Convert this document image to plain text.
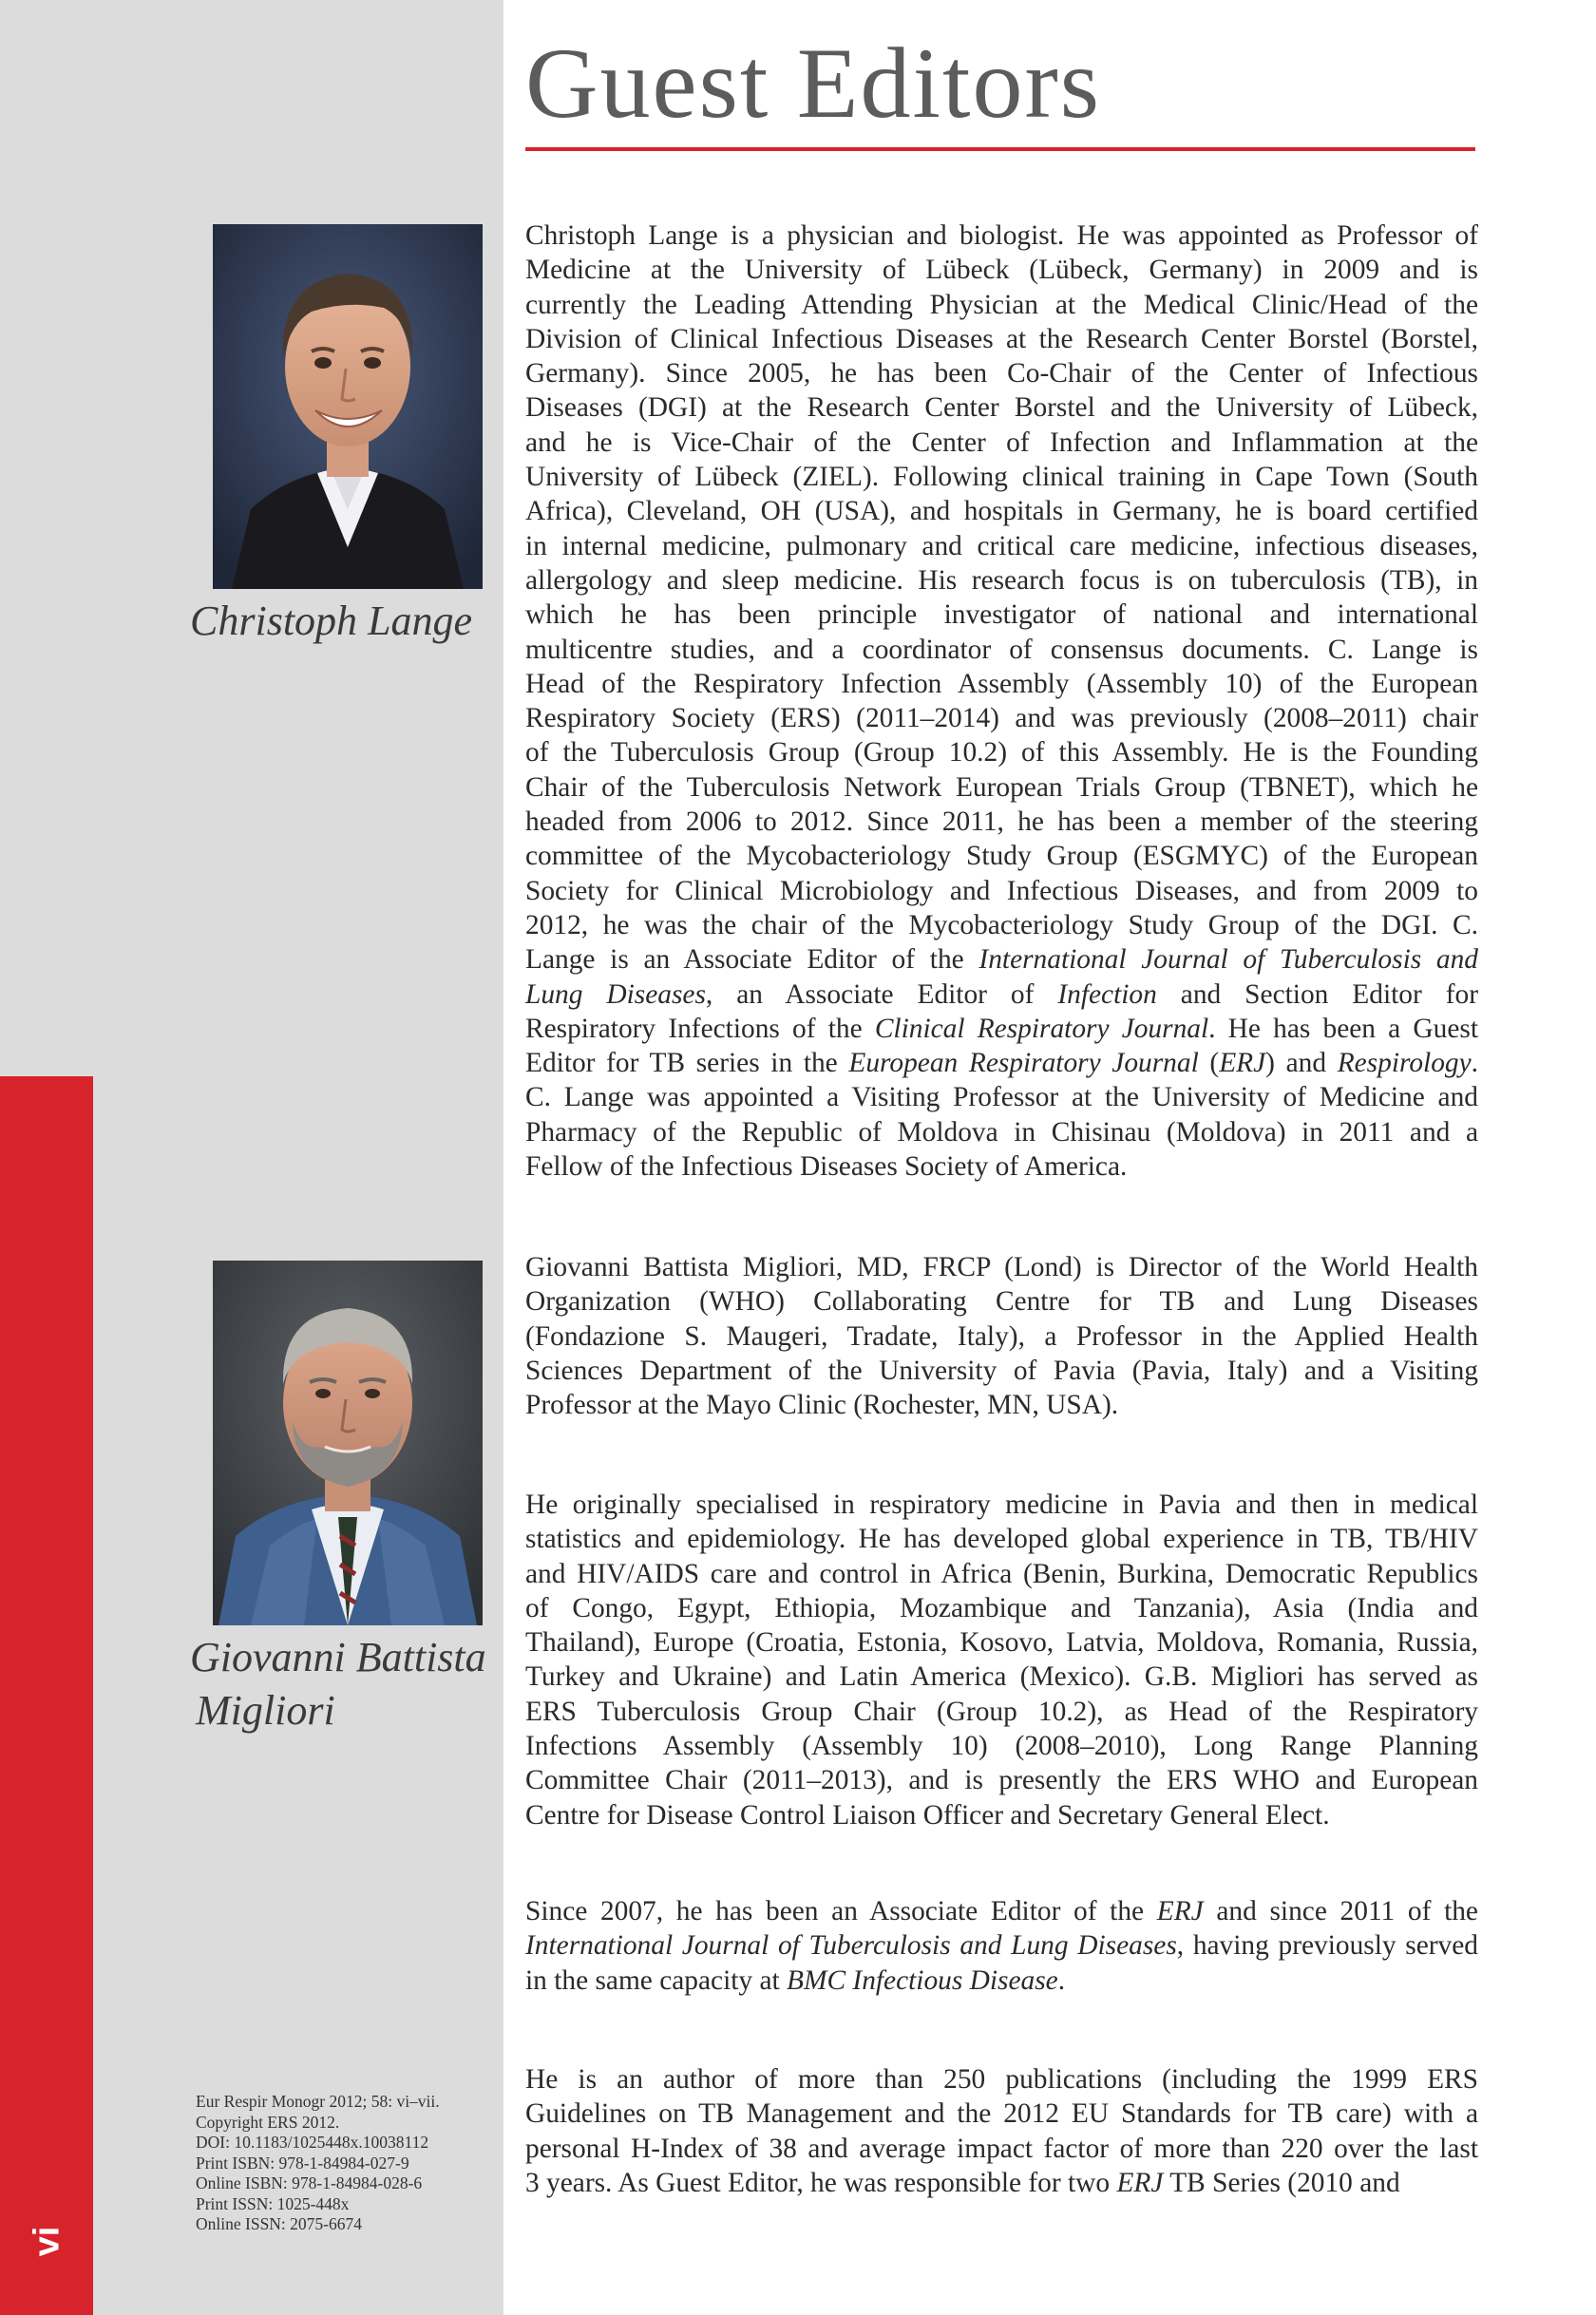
vi
Guest Editors
Christoph Lange
Giovanni Battista
Migliori
Christoph Lange is a physician and biologist. He was appointed as Professor of
Medicine at the University of Lübeck (Lübeck, Germany) in 2009 and is
currently the Leading Attending Physician at the Medical Clinic/Head of the
Division of Clinical Infectious Diseases at the Research Center Borstel (Borstel,
Germany). Since 2005, he has been Co-Chair of the Center of Infectious
Diseases (DGI) at the Research Center Borstel and the University of Lübeck,
and he is Vice-Chair of the Center of Infection and Inflammation at the
University of Lübeck (ZIEL). Following clinical training in Cape Town (South
Africa), Cleveland, OH (USA), and hospitals in Germany, he is board certified
in internal medicine, pulmonary and critical care medicine, infectious diseases,
allergology and sleep medicine. His research focus is on tuberculosis (TB), in
which he has been principle investigator of national and international
multicentre studies, and a coordinator of consensus documents. C. Lange is
Head of the Respiratory Infection Assembly (Assembly 10) of the European
Respiratory Society (ERS) (2011–2014) and was previously (2008–2011) chair
of the Tuberculosis Group (Group 10.2) of this Assembly. He is the Founding
Chair of the Tuberculosis Network European Trials Group (TBNET), which he
headed from 2006 to 2012. Since 2011, he has been a member of the steering
committee of the Mycobacteriology Study Group (ESGMYC) of the European
Society for Clinical Microbiology and Infectious Diseases, and from 2009 to
2012, he was the chair of the Mycobacteriology Study Group of the DGI. C.
Lange is an Associate Editor of the International Journal of Tuberculosis and
Lung Diseases, an Associate Editor of Infection and Section Editor for
Respiratory Infections of the Clinical Respiratory Journal. He has been a Guest
Editor for TB series in the European Respiratory Journal (ERJ) and Respirology.
C. Lange was appointed a Visiting Professor at the University of Medicine and
Pharmacy of the Republic of Moldova in Chisinau (Moldova) in 2011 and a
Fellow of the Infectious Diseases Society of America.
Giovanni Battista Migliori, MD, FRCP (Lond) is Director of the World Health
Organization (WHO) Collaborating Centre for TB and Lung Diseases
(Fondazione S. Maugeri, Tradate, Italy), a Professor in the Applied Health
Sciences Department of the University of Pavia (Pavia, Italy) and a Visiting
Professor at the Mayo Clinic (Rochester, MN, USA).
He originally specialised in respiratory medicine in Pavia and then in medical
statistics and epidemiology. He has developed global experience in TB, TB/HIV
and HIV/AIDS care and control in Africa (Benin, Burkina, Democratic Republics
of Congo, Egypt, Ethiopia, Mozambique and Tanzania), Asia (India and
Thailand), Europe (Croatia, Estonia, Kosovo, Latvia, Moldova, Romania, Russia,
Turkey and Ukraine) and Latin America (Mexico). G.B. Migliori has served as
ERS Tuberculosis Group Chair (Group 10.2), as Head of the Respiratory
Infections Assembly (Assembly 10) (2008–2010), Long Range Planning
Committee Chair (2011–2013), and is presently the ERS WHO and European
Centre for Disease Control Liaison Officer and Secretary General Elect.
Since 2007, he has been an Associate Editor of the ERJ and since 2011 of the
International Journal of Tuberculosis and Lung Diseases, having previously served
in the same capacity at BMC Infectious Disease.
He is an author of more than 250 publications (including the 1999 ERS
Guidelines on TB Management and the 2012 EU Standards for TB care) with a
personal H-Index of 38 and average impact factor of more than 220 over the last
3 years. As Guest Editor, he was responsible for two ERJ TB Series (2010 and
Eur Respir Monogr 2012; 58: vi–vii.
Copyright ERS 2012.
DOI: 10.1183/1025448x.10038112
Print ISBN: 978-1-84984-027-9
Online ISBN: 978-1-84984-028-6
Print ISSN: 1025-448x
Online ISSN: 2075-6674
